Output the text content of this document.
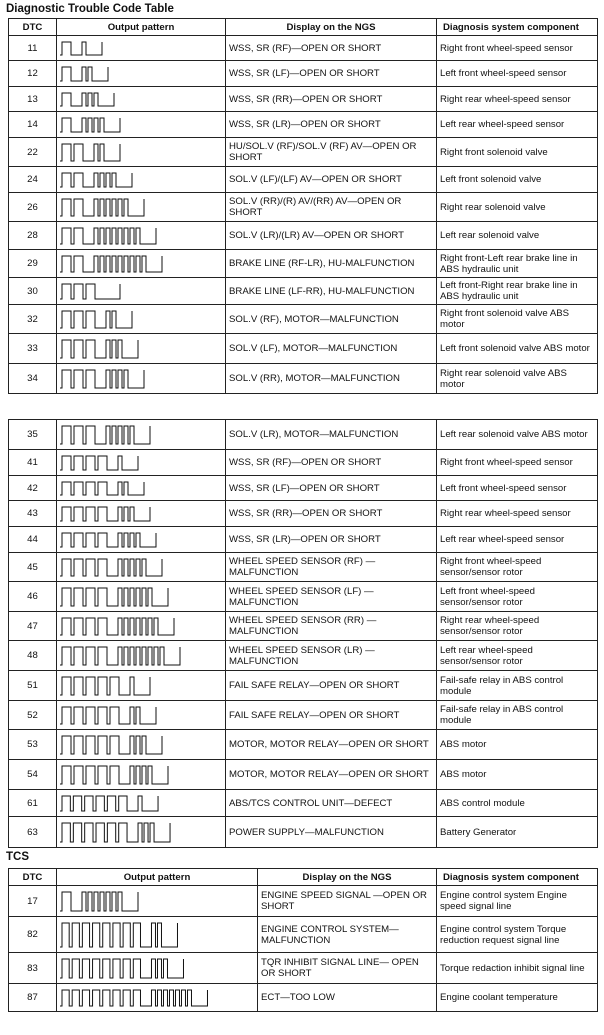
Diagnostic Trouble Code Table
DTC	Output pattern	Display on the NGS	Diagnosis system component
11		WSS, SR (RF)—OPEN OR SHORT	Right front wheel-speed sensor
12		WSS, SR (LF)—OPEN OR SHORT	Left front wheel-speed sensor
13		WSS, SR (RR)—OPEN OR SHORT	Right rear wheel-speed sensor
14		WSS, SR (LR)—OPEN OR SHORT	Left rear wheel-speed sensor
22		HU/SOL.V (RF)/SOL.V (RF) AV—OPEN OR SHORT	Right front solenoid valve
24		SOL.V (LF)/(LF) AV—OPEN OR SHORT	Left front solenoid valve
26		SOL.V (RR)/(R) AV/(RR) AV—OPEN OR SHORT	Right rear solenoid valve
28		SOL.V (LR)/(LR) AV—OPEN OR SHORT	Left rear solenoid valve
29		BRAKE LINE (RF-LR), HU-MALFUNCTION	Right front-Left rear brake line in ABS hydraulic unit
30		BRAKE LINE (LF-RR), HU-MALFUNCTION	Left front-Right rear brake line in ABS hydraulic unit
32		SOL.V (RF), MOTOR—MALFUNCTION	Right front solenoid valve ABS motor
33		SOL.V (LF), MOTOR—MALFUNCTION	Left front solenoid valve ABS motor
34		SOL.V (RR), MOTOR—MALFUNCTION	Right rear solenoid valve ABS motor
35		SOL.V (LR), MOTOR—MALFUNCTION	Left rear solenoid valve ABS motor
41		WSS, SR (RF)—OPEN OR SHORT	Right front wheel-speed sensor
42		WSS, SR (LF)—OPEN OR SHORT	Left front wheel-speed sensor
43		WSS, SR (RR)—OPEN OR SHORT	Right rear wheel-speed sensor
44		WSS, SR (LR)—OPEN OR SHORT	Left rear wheel-speed sensor
45		WHEEL SPEED SENSOR (RF) —MALFUNCTION	Right front wheel-speed sensor/sensor rotor
46		WHEEL SPEED SENSOR (LF) —MALFUNCTION	Left front wheel-speed sensor/sensor rotor
47		WHEEL SPEED SENSOR (RR) —MALFUNCTION	Right rear wheel-speed sensor/sensor rotor
48		WHEEL SPEED SENSOR (LR) —MALFUNCTION	Left rear wheel-speed sensor/sensor rotor
51		FAIL SAFE RELAY—OPEN OR SHORT	Fail-safe relay in ABS control module
52		FAIL SAFE RELAY—OPEN OR SHORT	Fail-safe relay in ABS control module
53		MOTOR, MOTOR RELAY—OPEN OR SHORT	ABS motor
54		MOTOR, MOTOR RELAY—OPEN OR SHORT	ABS motor
61		ABS/TCS CONTROL UNIT—DEFECT	ABS control module
63		POWER SUPPLY—MALFUNCTION	Battery Generator
TCS
DTC	Output pattern	Display on the NGS	Diagnosis system component
17		ENGINE SPEED SIGNAL —OPEN OR SHORT	Engine control system Engine speed signal line
82		ENGINE CONTROL SYSTEM— MALFUNCTION	Engine control system Torque reduction request signal line
83		TQR INHIBIT SIGNAL LINE— OPEN OR SHORT	Torque redaction inhibit signal line
87		ECT—TOO LOW	Engine coolant temperature
